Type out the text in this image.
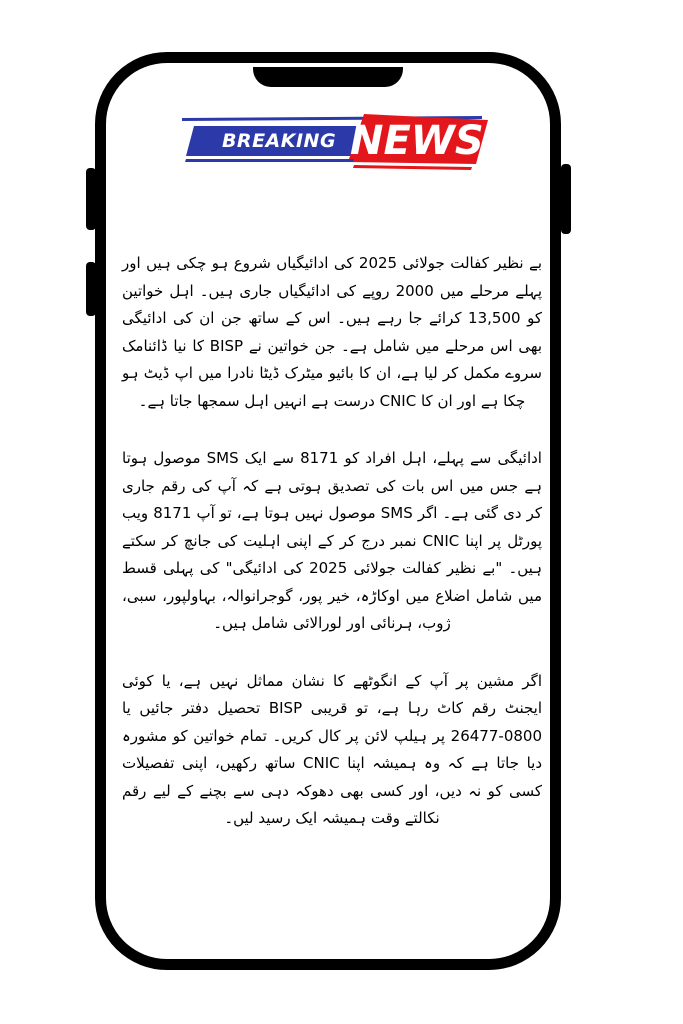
BREAKING NEWS

بے نظیر کفالت جولائی 2025 کی ادائیگیاں شروع ہو چکی ہیں اور پہلے مرحلے میں 2000 روپے کی ادائیگیاں جاری ہیں۔ اہل خواتین کو 13,500 کرائے جا رہے ہیں۔ اس کے ساتھ جن ان کی ادائیگی بھی اس مرحلے میں شامل ہے۔ جن خواتین نے BISP کا نیا ڈائنامک سروے مکمل کر لیا ہے، ان کا بائیو میٹرک ڈیٹا نادرا میں اپ ڈیٹ ہو چکا ہے اور ان کا CNIC درست ہے انہیں اہل سمجھا جاتا ہے۔

ادائیگی سے پہلے، اہل افراد کو 8171 سے ایک SMS موصول ہوتا ہے جس میں اس بات کی تصدیق ہوتی ہے کہ آپ کی رقم جاری کر دی گئی ہے۔ اگر SMS موصول نہیں ہوتا ہے، تو آپ 8171 ویب پورٹل پر اپنا CNIC نمبر درج کر کے اپنی اہلیت کی جانچ کر سکتے ہیں۔ "بے نظیر کفالت جولائی 2025 کی ادائیگی" کی پہلی قسط میں شامل اضلاع میں اوکاڑہ، خیر پور، گوجرانوالہ، بہاولپور، سبی، ژوب، ہرنائی اور لورالائی شامل ہیں۔

اگر مشین پر آپ کے انگوٹھے کا نشان مماثل نہیں ہے، یا کوئی ایجنٹ رقم کاٹ رہا ہے، تو قریبی BISP تحصیل دفتر جائیں یا 0800-26477 پر ہیلپ لائن پر کال کریں۔ تمام خواتین کو مشورہ دیا جاتا ہے کہ وہ ہمیشہ اپنا CNIC ساتھ رکھیں، اپنی تفصیلات کسی کو نہ دیں، اور کسی بھی دھوکہ دہی سے بچنے کے لیے رقم نکالتے وقت ہمیشہ ایک رسید لیں۔
